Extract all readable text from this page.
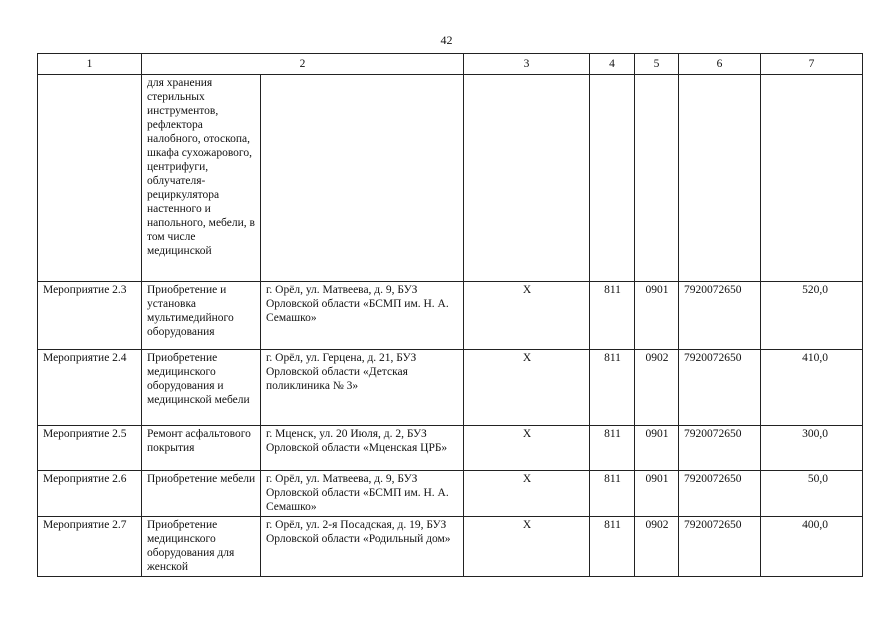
42
1	2		3	4	5	6	7

	для хранения стерильных инструментов, рефлектора налобного, отоскопа, шкафа сухожарового, центрифуги, облучателя-рециркулятора настенного и напольного, мебели, в том числе медицинской						

Мероприятие 2.3	Приобретение и установка мультимедийного оборудования	г. Орёл, ул. Матвеева, д. 9, БУЗ Орловской области «БСМП им. Н. А. Семашко»	X	811	0901	7920072650	520,0
Мероприятие 2.4	Приобретение медицинского оборудования и медицинской мебели	г. Орёл, ул. Герцена, д. 21, БУЗ Орловской области «Детская поликлиника № 3»	X	811	0902	7920072650	410,0
Мероприятие 2.5	Ремонт асфальтового покрытия	г. Мценск, ул. 20 Июля, д. 2, БУЗ Орловской области «Мценская ЦРБ»	X	811	0901	7920072650	300,0
Мероприятие 2.6	Приобретение мебели	г. Орёл, ул. Матвеева, д. 9, БУЗ Орловской области «БСМП им. Н. А. Семашко»	X	811	0901	7920072650	50,0
Мероприятие 2.7	Приобретение медицинского оборудования для женской	г. Орёл, ул. 2-я Посадская, д. 19, БУЗ Орловской области «Родильный дом»	X	811	0902	7920072650	400,0
